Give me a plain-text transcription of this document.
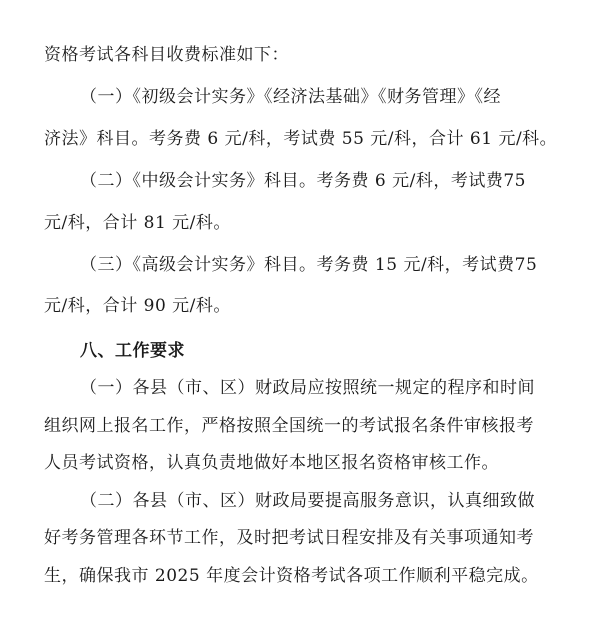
资格考试各科目收费标准如下：
（一）《初级会计实务》《经济法基础》《财务管理》《经
济法》科目。考务费 6 元/科，考试费 55 元/科，合计 61 元/科。
（二）《中级会计实务》科目。考务费 6 元/科，考试费75
元/科，合计 81 元/科。
（三）《高级会计实务》科目。考务费 15 元/科，考试费75
元/科，合计 90 元/科。
八、工作要求
（一）各县（市、区）财政局应按照统一规定的程序和时间
组织网上报名工作，严格按照全国统一的考试报名条件审核报考
人员考试资格，认真负责地做好本地区报名资格审核工作。
（二）各县（市、区）财政局要提高服务意识，认真细致做
好考务管理各环节工作，及时把考试日程安排及有关事项通知考
生，确保我市 2025 年度会计资格考试各项工作顺利平稳完成。
